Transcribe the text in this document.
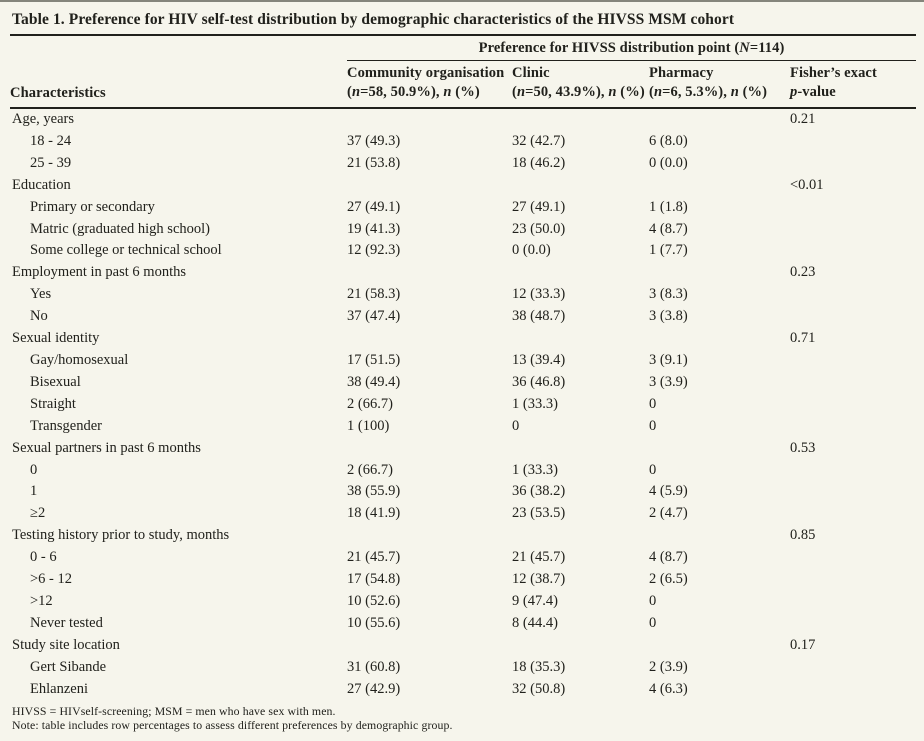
Table 1. Preference for HIV self-test distribution by demographic characteristics of the HIVSS MSM cohort
	Preference for HIVSS distribution point (N=114)			
Characteristics	
Community organisation
(n=58, 50.9%), n (%)

Clinic
(n=50, 43.9%), n (%)

Pharmacy
(n=6, 5.3%), n (%)

Fisher’s exact
p-value

Age, years				0.21
18 - 24	37 (49.3)	32 (42.7)	6 (8.0)	
25 - 39	21 (53.8)	18 (46.2)	0 (0.0)	
Education				<0.01
Primary or secondary	27 (49.1)	27 (49.1)	1 (1.8)	
Matric (graduated high school)	19 (41.3)	23 (50.0)	4 (8.7)	
Some college or technical school	12 (92.3)	0 (0.0)	1 (7.7)	
Employment in past 6 months				0.23
Yes	21 (58.3)	12 (33.3)	3 (8.3)	
No	37 (47.4)	38 (48.7)	3 (3.8)	
Sexual identity				0.71
Gay/homosexual	17 (51.5)	13 (39.4)	3 (9.1)	
Bisexual	38 (49.4)	36 (46.8)	3 (3.9)	
Straight	2 (66.7)	1 (33.3)	0	
Transgender	1 (100)	0	0	
Sexual partners in past 6 months				0.53
0	2 (66.7)	1 (33.3)	0	
1	38 (55.9)	36 (38.2)	4 (5.9)	
≥2	18 (41.9)	23 (53.5)	2 (4.7)	
Testing history prior to study, months				0.85
0 - 6	21 (45.7)	21 (45.7)	4 (8.7)	
>6 - 12	17 (54.8)	12 (38.7)	2 (6.5)	
>12	10 (52.6)	9 (47.4)	0	
Never tested	10 (55.6)	8 (44.4)	0	
Study site location				0.17
Gert Sibande	31 (60.8)	18 (35.3)	2 (3.9)	
Ehlanzeni	27 (42.9)	32 (50.8)	4 (6.3)	
HIVSS = HIVself-screening; MSM = men who have sex with men.
Note: table includes row percentages to assess different preferences by demographic group.
